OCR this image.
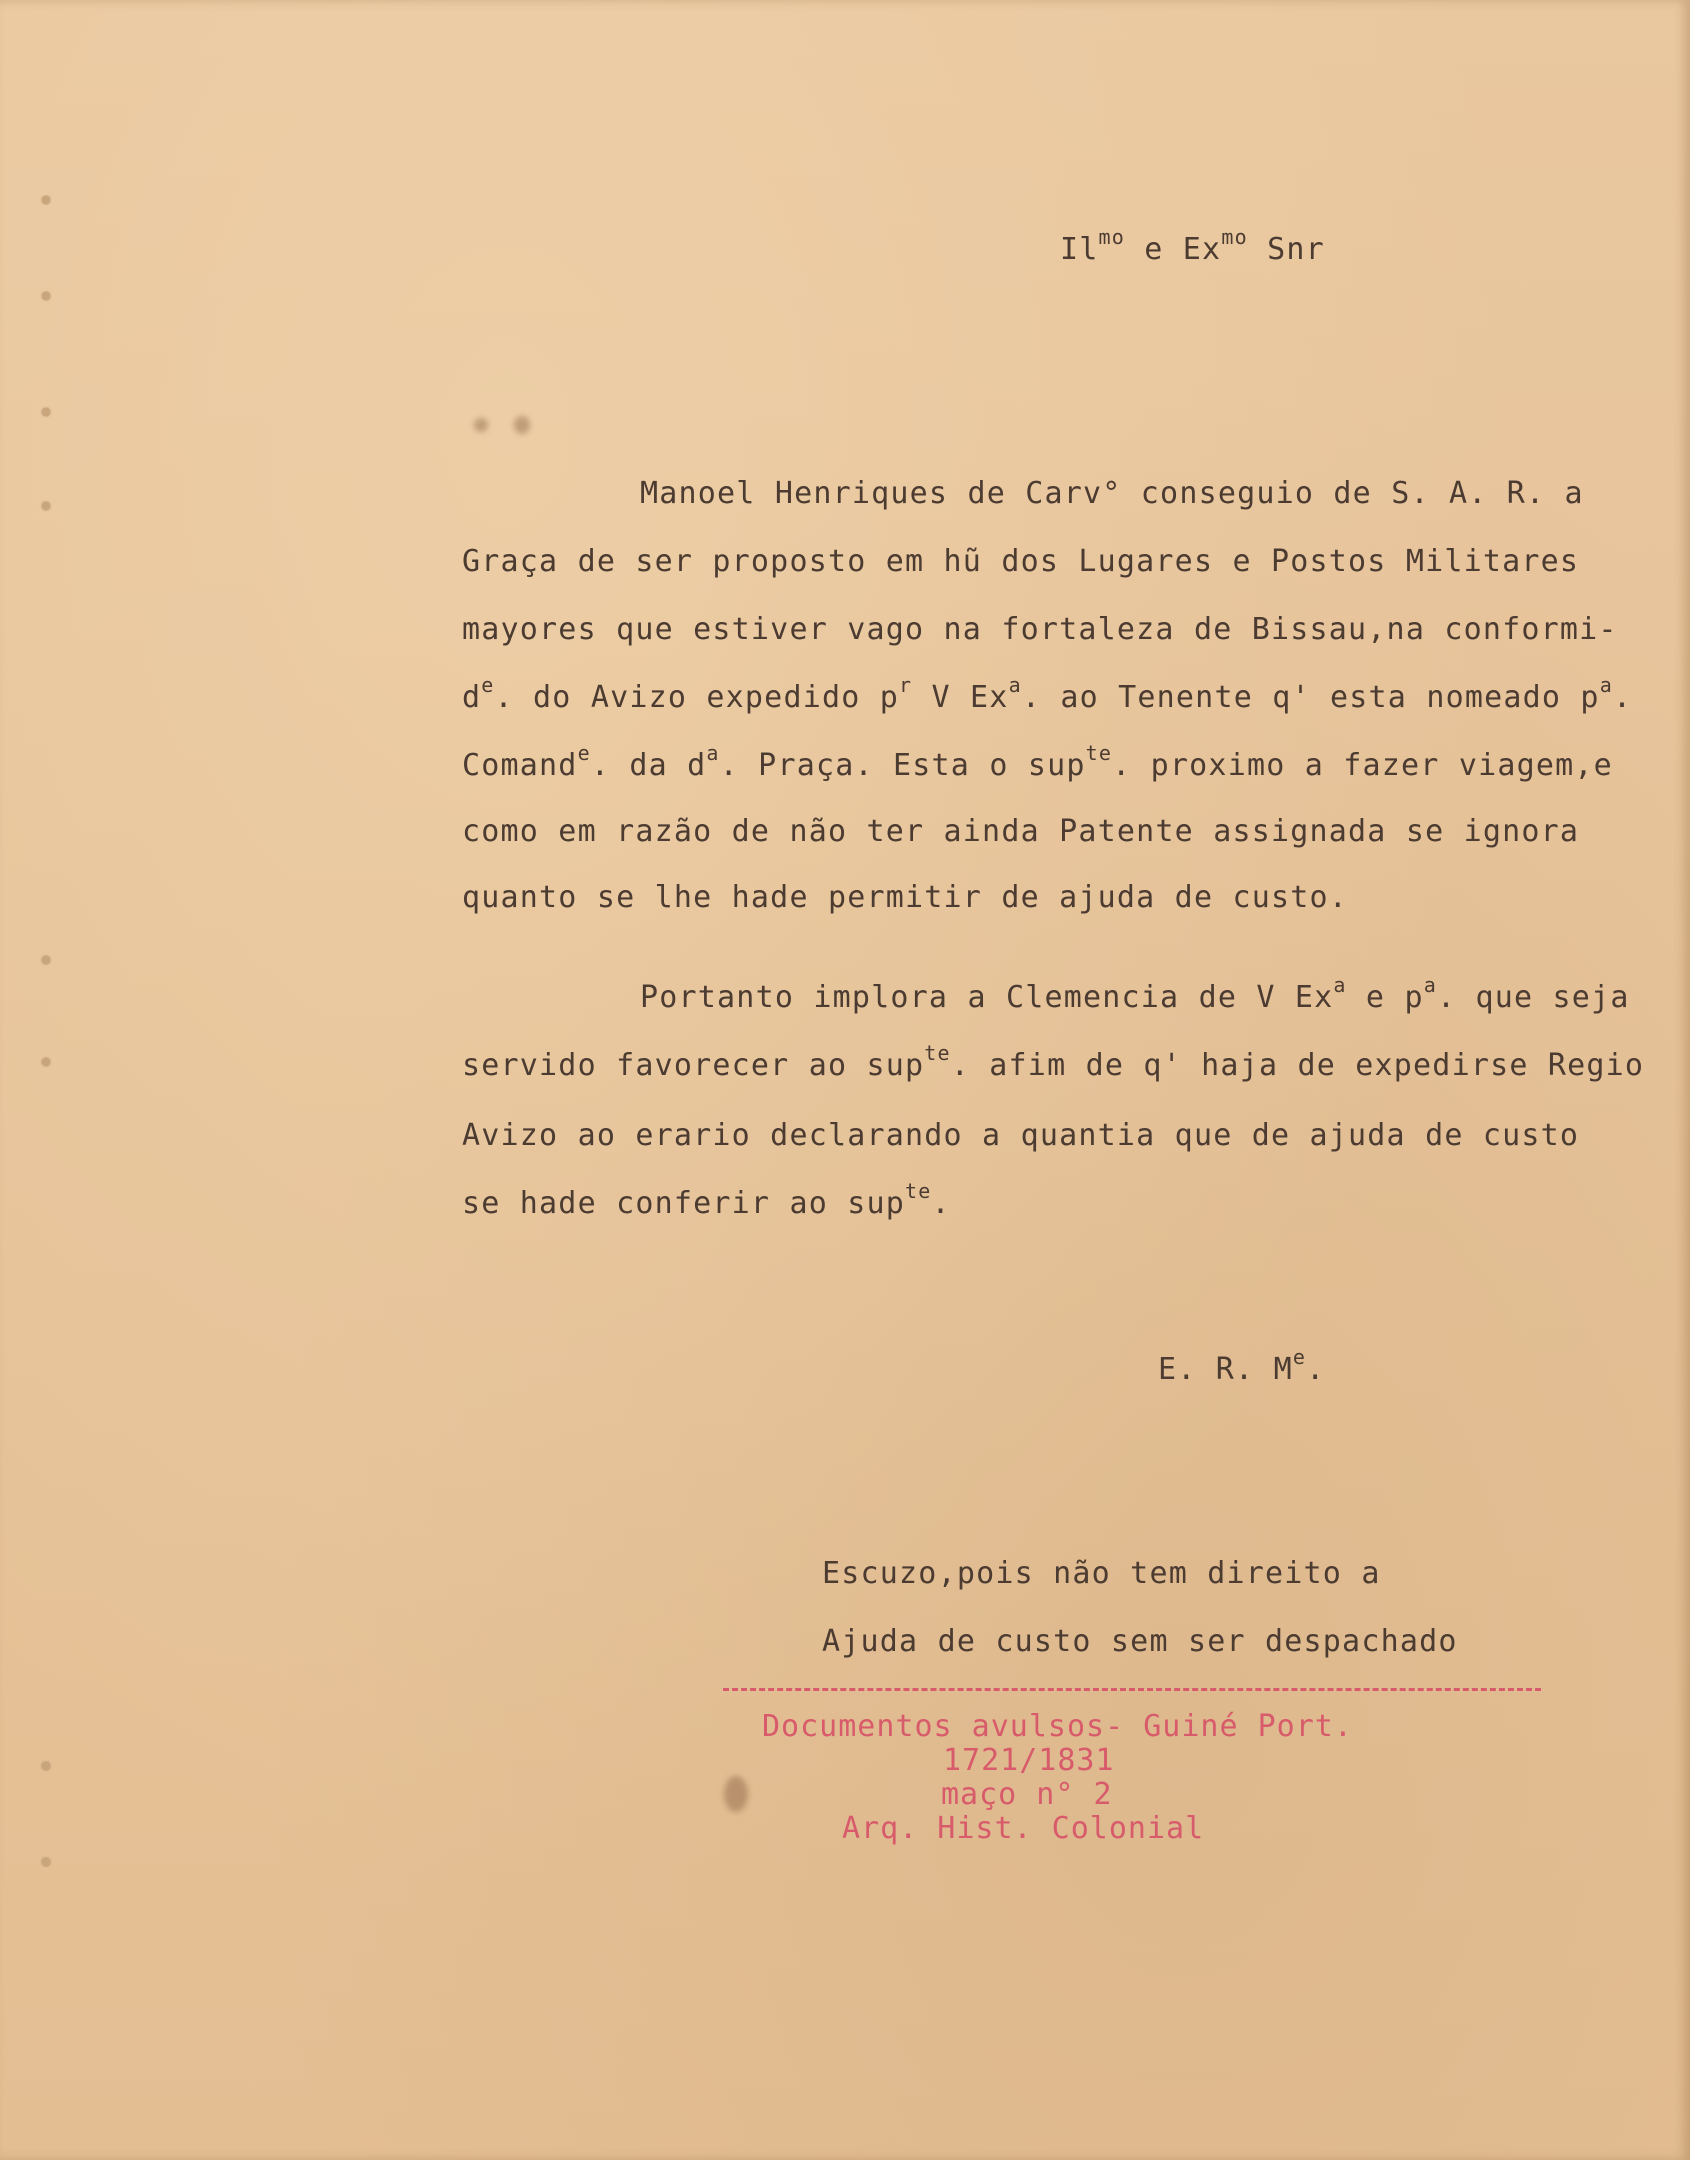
$Il^{mo}$ e $Ex^{mo}$ Snr
Manoel Henriques de Carv° conseguio de S. A. R. a
Graça de ser proposto em hũ dos Lugares e Postos Militares
mayores que estiver vago na fortaleza de Bissau,na conformi-
$d^e$. do Avizo expedido $p^r$ V Ex$^a$. ao Tenente q' esta nomeado $p^a$.
Comand$^e$. da $d^a$. Praça. Esta o sup$^{te}$. proximo a fazer viagem,e
como em razão de não ter ainda Patente assignada se ignora
quanto se lhe hade permitir de ajuda de custo.
Portanto implora a Clemencia de V Ex$^a$ e $p^a$. que seja
servido favorecer ao sup$^{te}$. afim de q' haja de expedirse Regio
Avizo ao erario declarando a quantia que de ajuda de custo
se hade conferir ao sup$^{te}$.
E. R. Me.
Escuzo,pois não tem direito a
Ajuda de custo sem ser despachado
Documentos avulsos- Guiné Port.
1721/1831
maço n° 2
Arq. Hist. Colonial
